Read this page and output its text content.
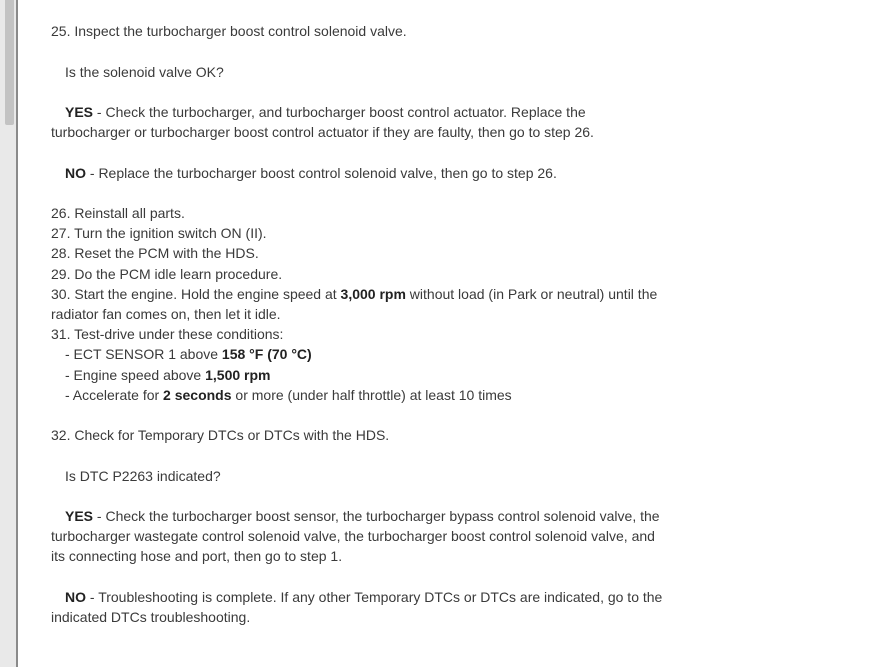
25. Inspect the turbocharger boost control solenoid valve.
Is the solenoid valve OK?
YES - Check the turbocharger, and turbocharger boost control actuator. Replace the
turbocharger or turbocharger boost control actuator if they are faulty, then go to step 26.
NO - Replace the turbocharger boost control solenoid valve, then go to step 26.
26. Reinstall all parts.
27. Turn the ignition switch ON (II).
28. Reset the PCM with the HDS.
29. Do the PCM idle learn procedure.
30. Start the engine. Hold the engine speed at 3,000 rpm without load (in Park or neutral) until the
radiator fan comes on, then let it idle.
31. Test-drive under these conditions:
- ECT SENSOR 1 above 158 °F (70 °C)
- Engine speed above 1,500 rpm
- Accelerate for 2 seconds or more (under half throttle) at least 10 times
32. Check for Temporary DTCs or DTCs with the HDS.
Is DTC P2263 indicated?
YES - Check the turbocharger boost sensor, the turbocharger bypass control solenoid valve, the
turbocharger wastegate control solenoid valve, the turbocharger boost control solenoid valve, and
its connecting hose and port, then go to step 1.
NO - Troubleshooting is complete. If any other Temporary DTCs or DTCs are indicated, go to the
indicated DTCs troubleshooting.
